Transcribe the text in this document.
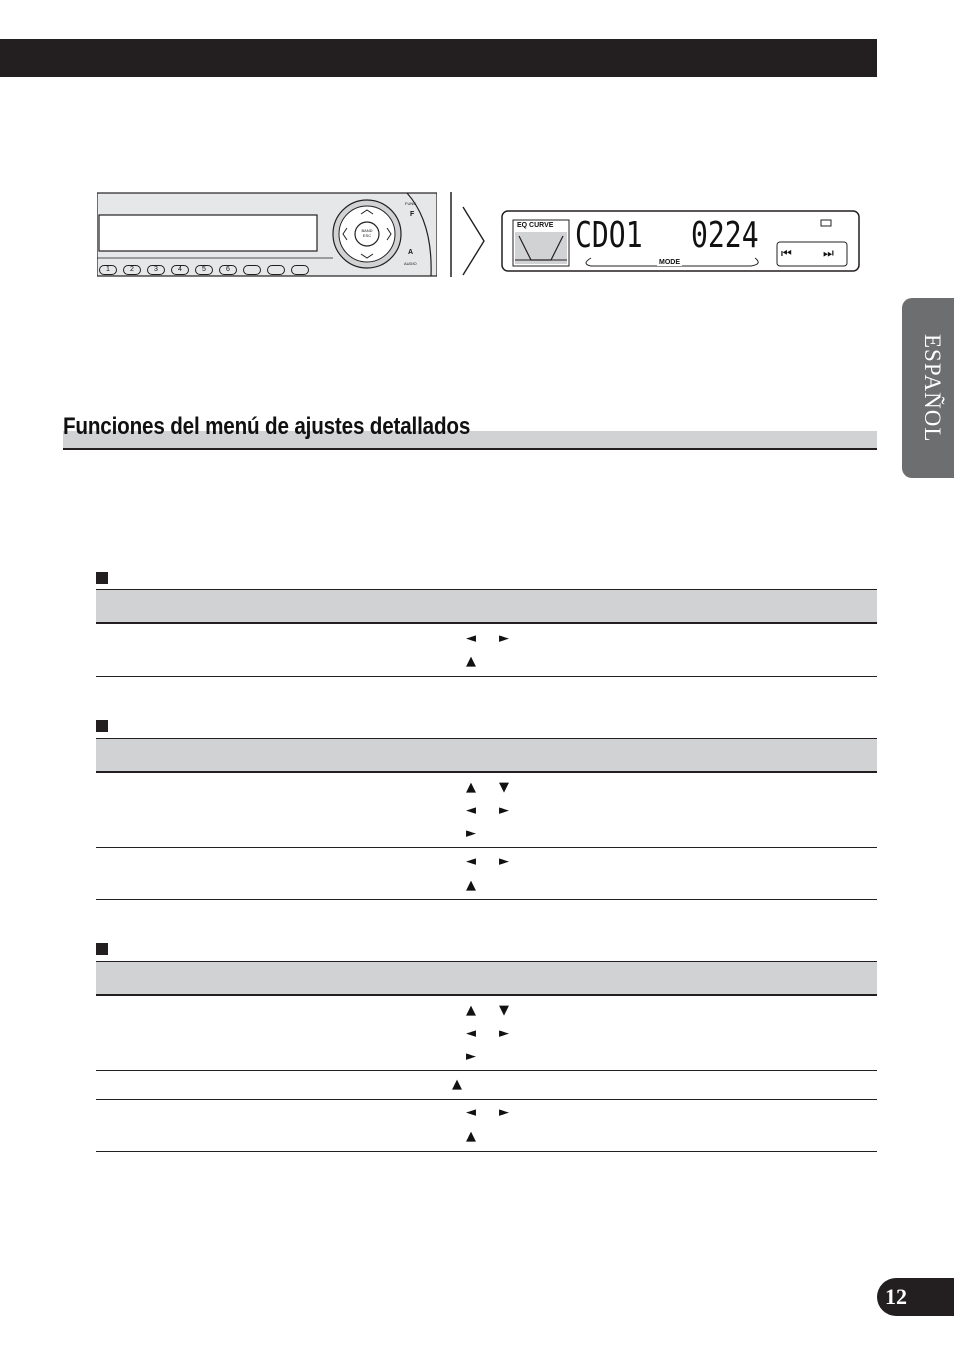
ESPAÑOL
BAND ESC
FUNC
F
A
AUDIO
1	2	3	4	5	6
EQ CURVE CDO1 0224
MODE
⏮	⏭
Funciones del menú de ajustes detallados
◄ ►
▲
▲ ▼
◄ ►
►
◄ ►
▲
▲ ▼
◄ ►
►
▲
◄ ►
▲
12
